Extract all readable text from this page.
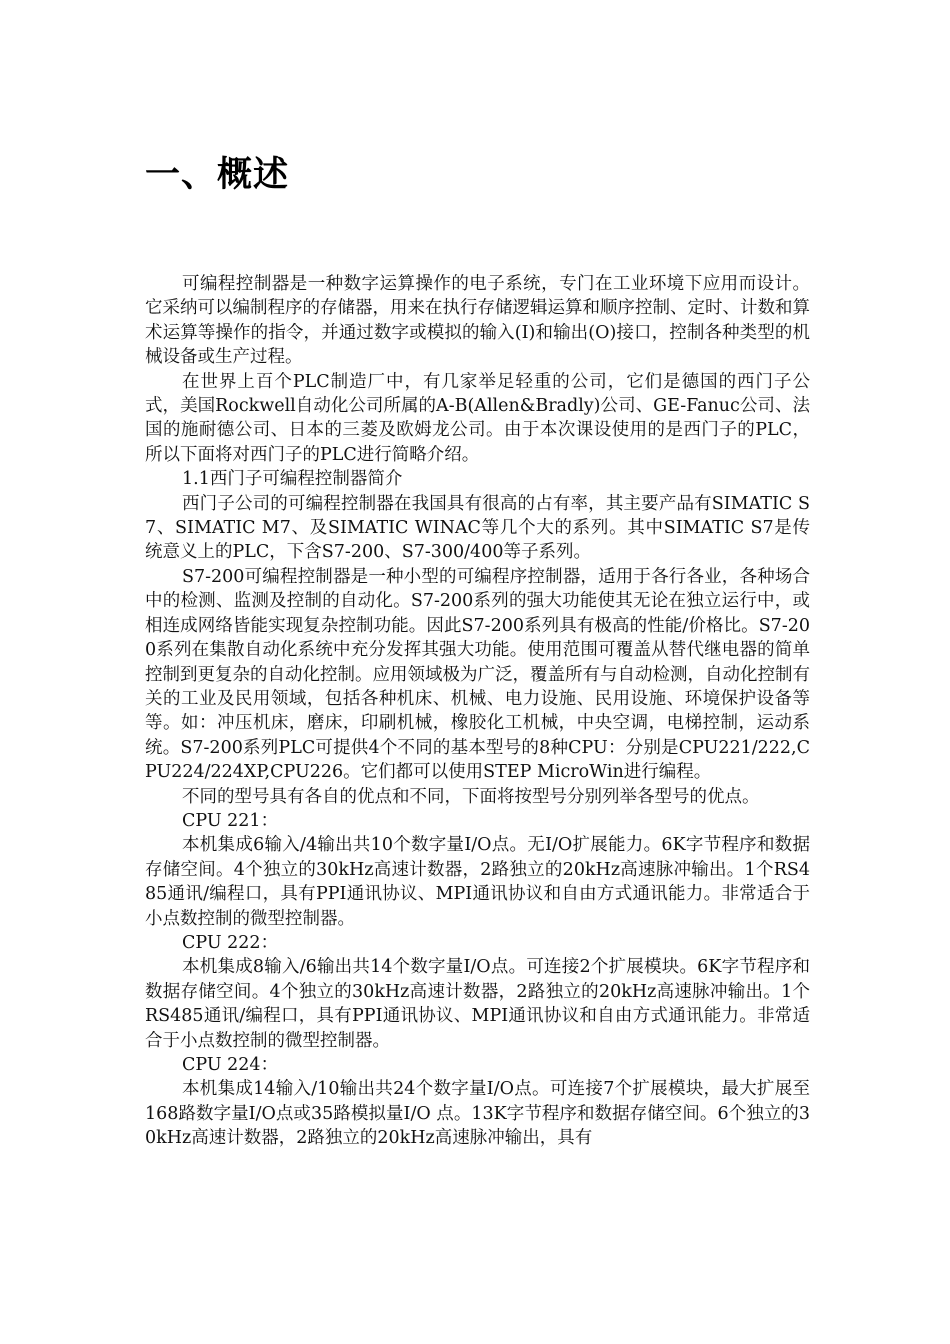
一、概述

可编程控制器是一种数字运算操作的电子系统，专门在工业环境下应用而设计。它采纳可以编制程序的存储器，用来在执行存储逻辑运算和顺序控制、定时、计数和算术运算等操作的指令，并通过数字或模拟的输入(I)和输出(O)接口，控制各种类型的机械设备或生产过程。

在世界上百个PLC制造厂中，有几家举足轻重的公司，它们是德国的西门子公式，美国Rockwell自动化公司所属的A-B(Allen&Bradly)公司、GE-Fanuc公司、法国的施耐德公司、日本的三菱及欧姆龙公司。由于本次课设使用的是西门子的PLC，所以下面将对西门子的PLC进行简略介绍。

1.1西门子可编程控制器简介

西门子公司的可编程控制器在我国具有很高的占有率，其主要产品有SIMATIC S7、SIMATIC M7、及SIMATIC WINAC等几个大的系列。其中SIMATIC S7是传统意义上的PLC，下含S7-200、S7-300/400等子系列。

S7-200可编程控制器是一种小型的可编程序控制器，适用于各行各业，各种场合中的检测、监测及控制的自动化。S7-200系列的强大功能使其无论在独立运行中，或相连成网络皆能实现复杂控制功能。因此S7-200系列具有极高的性能/价格比。S7-200系列在集散自动化系统中充分发挥其强大功能。使用范围可覆盖从替代继电器的简单控制到更复杂的自动化控制。应用领域极为广泛，覆盖所有与自动检测，自动化控制有关的工业及民用领域，包括各种机床、机械、电力设施、民用设施、环境保护设备等等。如：冲压机床，磨床，印刷机械，橡胶化工机械，中央空调，电梯控制，运动系统。S7-200系列PLC可提供4个不同的基本型号的8种CPU：分别是CPU221/222,CPU224/224XP,CPU226。它们都可以使用STEP MicroWin进行编程。

不同的型号具有各自的优点和不同，下面将按型号分别列举各型号的优点。

CPU 221：

本机集成6输入/4输出共10个数字量I/O点。无I/O扩展能力。6K字节程序和数据存储空间。4个独立的30kHz高速计数器，2路独立的20kHz高速脉冲输出。1个RS485通讯/编程口，具有PPI通讯协议、MPI通讯协议和自由方式通讯能力。非常适合于小点数控制的微型控制器。

CPU 222：

本机集成8输入/6输出共14个数字量I/O点。可连接2个扩展模块。6K字节程序和数据存储空间。4个独立的30kHz高速计数器，2路独立的20kHz高速脉冲输出。1个RS485通讯/编程口，具有PPI通讯协议、MPI通讯协议和自由方式通讯能力。非常适合于小点数控制的微型控制器。

CPU 224：

本机集成14输入/10输出共24个数字量I/O点。可连接7个扩展模块，最大扩展至168路数字量I/O点或35路模拟量I/O 点。13K字节程序和数据存储空间。6个独立的30kHz高速计数器，2路独立的20kHz高速脉冲输出，具有
